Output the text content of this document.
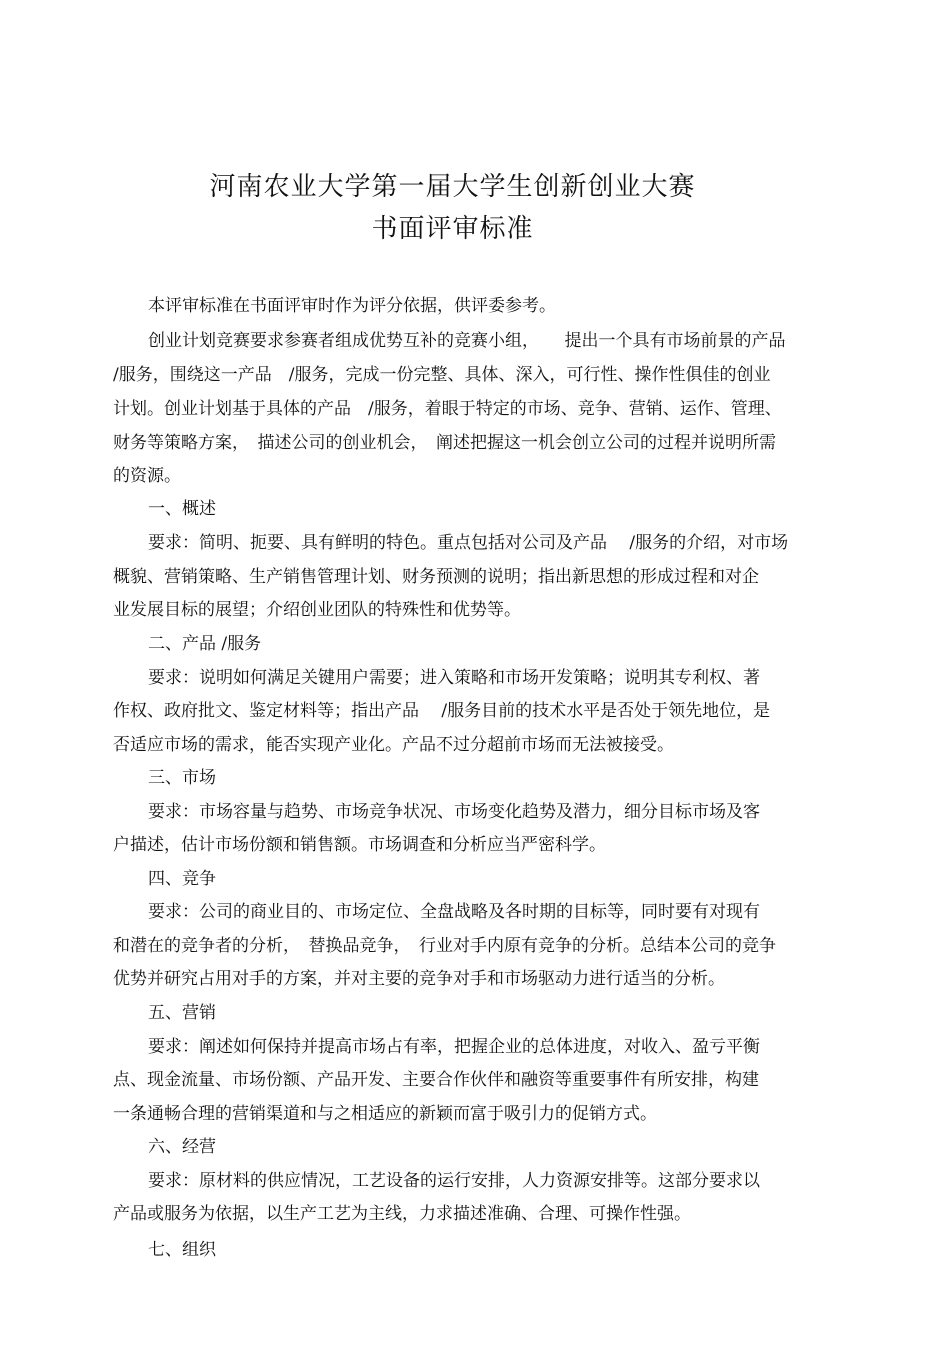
河南农业大学第一届大学生创新创业大赛
书面评审标准
本评审标准在书面评审时作为评分依据，供评委参考。
创业计划竞赛要求参赛者组成优势互补的竞赛小组，　　提出一个具有市场前景的产品
/服务，围绕这一产品　/服务，完成一份完整、具体、深入，可行性、操作性俱佳的创业
计划。创业计划基于具体的产品　/服务，着眼于特定的市场、竞争、营销、运作、管理、
财务等策略方案，　描述公司的创业机会，　阐述把握这一机会创立公司的过程并说明所需
的资源。
一、概述
要求：简明、扼要、具有鲜明的特色。重点包括对公司及产品　 /服务的介绍，对市场
概貌、营销策略、生产销售管理计划、财务预测的说明；指出新思想的形成过程和对企
业发展目标的展望；介绍创业团队的特殊性和优势等。
二、产品 /服务
要求：说明如何满足关键用户需要；进入策略和市场开发策略；说明其专利权、著
作权、政府批文、鉴定材料等；指出产品　 /服务目前的技术水平是否处于领先地位，是
否适应市场的需求，能否实现产业化。产品不过分超前市场而无法被接受。
三、市场
要求：市场容量与趋势、市场竞争状况、市场变化趋势及潜力，细分目标市场及客
户描述，估计市场份额和销售额。市场调查和分析应当严密科学。
四、竞争
要求：公司的商业目的、市场定位、全盘战略及各时期的目标等，同时要有对现有
和潜在的竞争者的分析，　替换品竞争，　行业对手内原有竞争的分析。总结本公司的竞争
优势并研究占用对手的方案，并对主要的竞争对手和市场驱动力进行适当的分析。
五、营销
要求：阐述如何保持并提高市场占有率，把握企业的总体进度，对收入、盈亏平衡
点、现金流量、市场份额、产品开发、主要合作伙伴和融资等重要事件有所安排，构建
一条通畅合理的营销渠道和与之相适应的新颖而富于吸引力的促销方式。
六、经营
要求：原材料的供应情况，工艺设备的运行安排，人力资源安排等。这部分要求以
产品或服务为依据，以生产工艺为主线，力求描述准确、合理、可操作性强。
七、组织
